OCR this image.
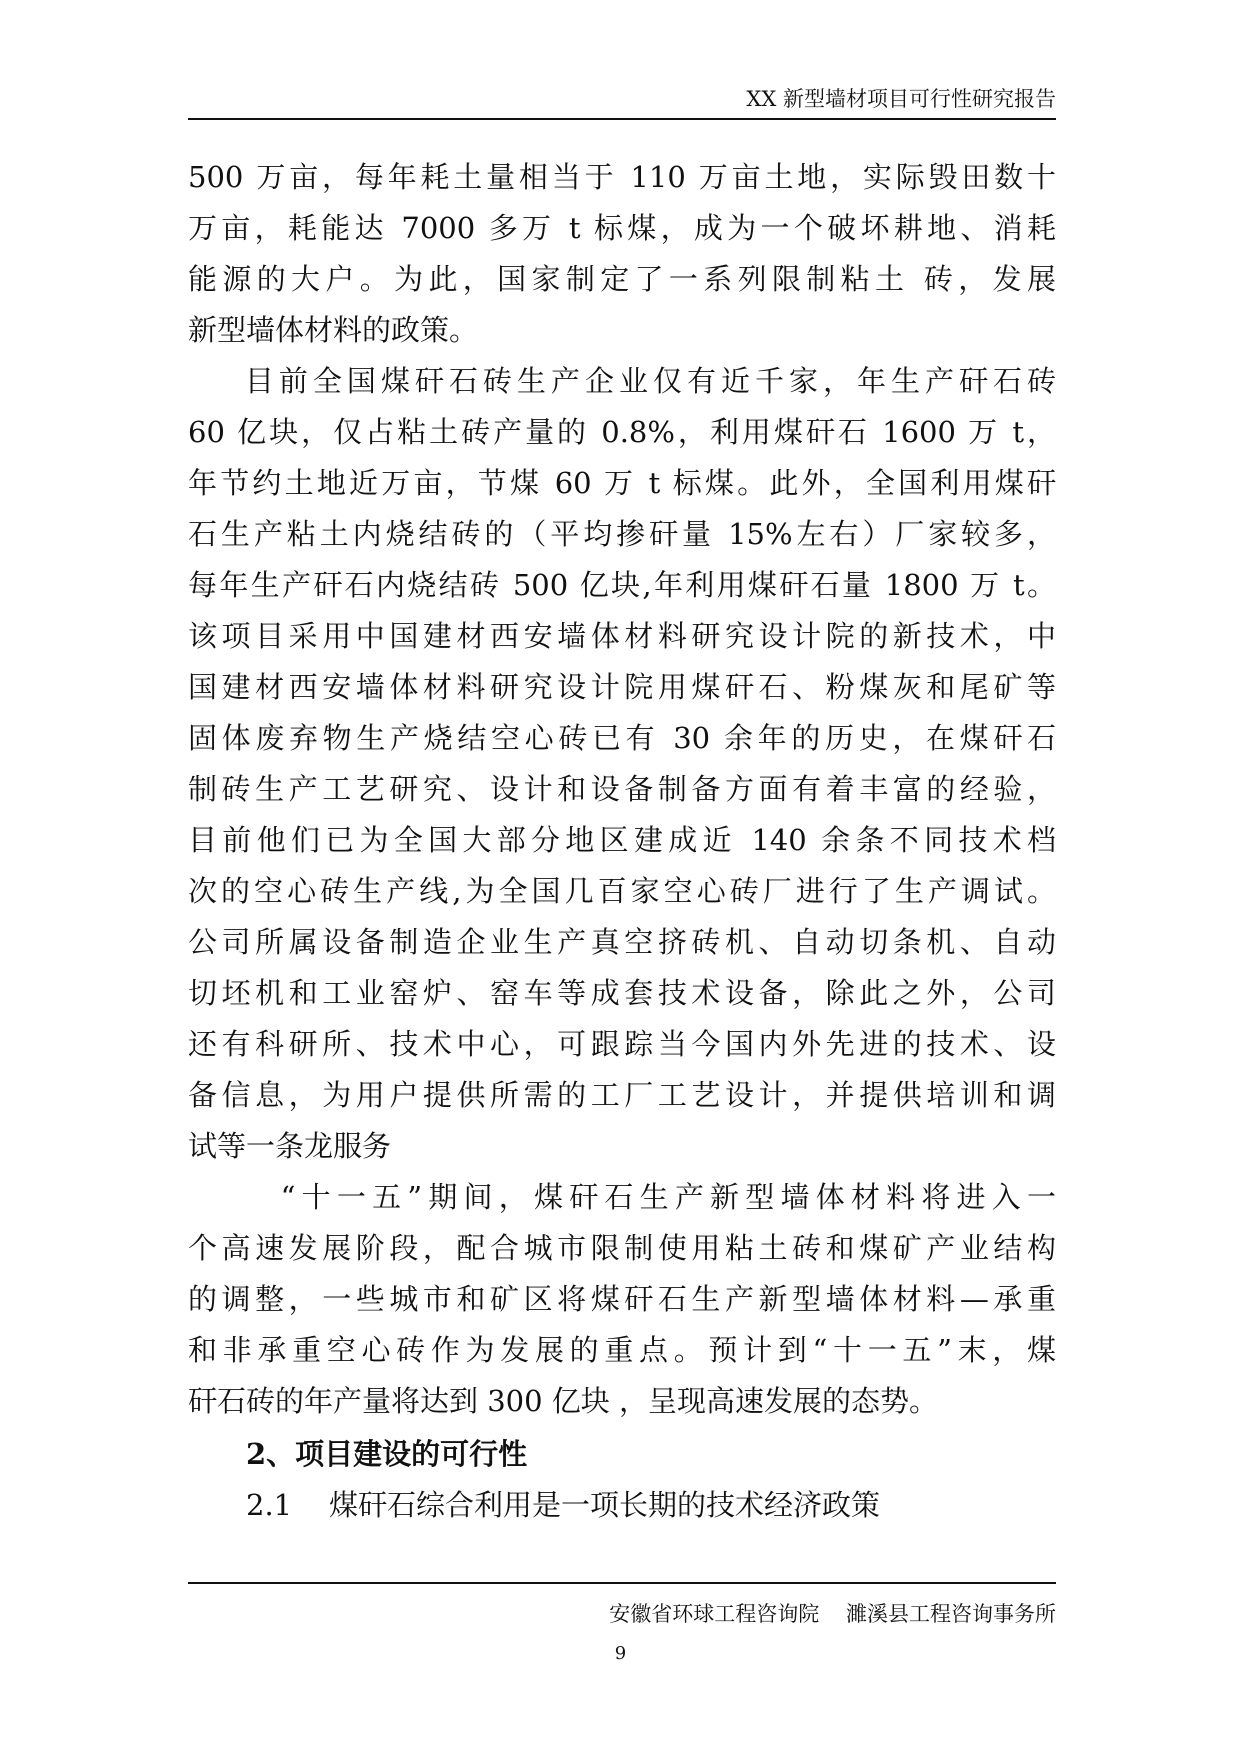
XX 新型墙材项目可行性研究报告
500 万亩，每年耗土量相当于 110 万亩土地，实际毁田数十
万亩，耗能达 7000 多万 t 标煤，成为一个破坏耕地、消耗
能源的大户。为此，国家制定了一系列限制粘土 砖，发展
新型墙体材料的政策。
目前全国煤矸石砖生产企业仅有近千家，年生产矸石砖
60 亿块，仅占粘土砖产量的 0.8%，利用煤矸石 1600 万 t，
年节约土地近万亩，节煤 60 万 t 标煤。此外，全国利用煤矸
石生产粘土内烧结砖的（平均掺矸量 15%左右）厂家较多，
每年生产矸石内烧结砖 500 亿块,年利用煤矸石量 1800 万 t。
该项目采用中国建材西安墙体材料研究设计院的新技术，中
国建材西安墙体材料研究设计院用煤矸石、粉煤灰和尾矿等
固体废弃物生产烧结空心砖已有 30 余年的历史，在煤矸石
制砖生产工艺研究、设计和设备制备方面有着丰富的经验，
目前他们已为全国大部分地区建成近 140 余条不同技术档
次的空心砖生产线,为全国几百家空心砖厂进行了生产调试。
公司所属设备制造企业生产真空挤砖机、自动切条机、自动
切坯机和工业窑炉、窑车等成套技术设备，除此之外，公司
还有科研所、技术中心，可跟踪当今国内外先进的技术、设
备信息，为用户提供所需的工厂工艺设计，并提供培训和调
试等一条龙服务
“十一五”期间，煤矸石生产新型墙体材料将进入一
个高速发展阶段，配合城市限制使用粘土砖和煤矿产业结构
的调整，一些城市和矿区将煤矸石生产新型墙体材料—承重
和非承重空心砖作为发展的重点。预计到“十一五”末，煤
矸石砖的年产量将达到 300 亿块 ，呈现高速发展的态势。
2、项目建设的可行性
2.1    煤矸石综合利用是一项长期的技术经济政策
安徽省环球工程咨询院    濉溪县工程咨询事务所
9
